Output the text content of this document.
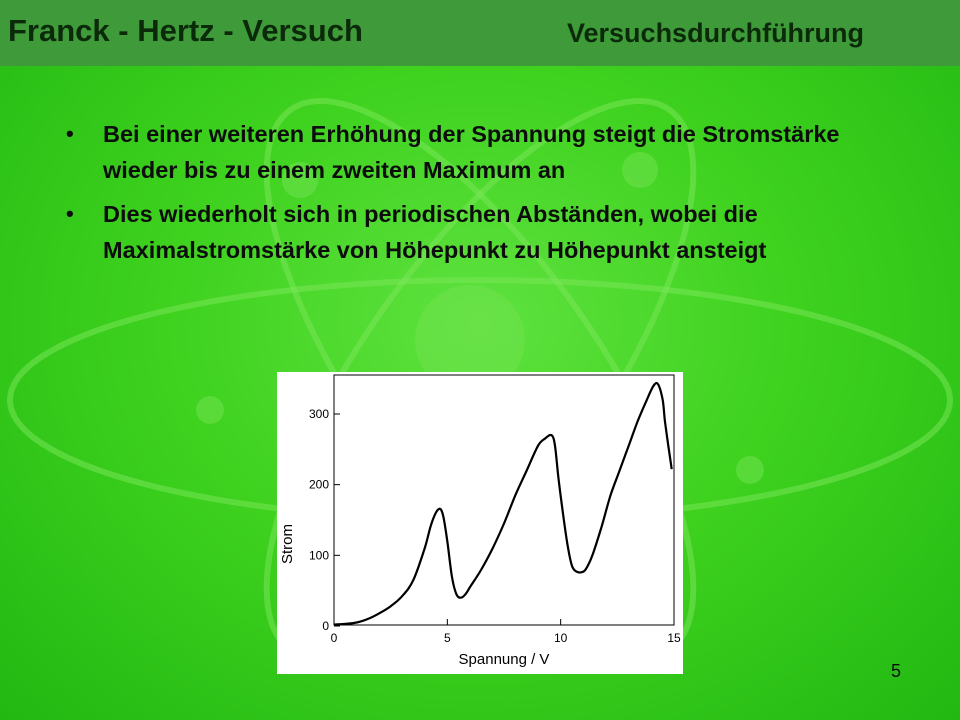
Franck - Hertz - Versuch	Versuchsdurchführung
• Bei einer weiteren Erhöhung der Spannung steigt die Stromstärke wieder bis zu einem zweiten Maximum an
• Dies wiederholt sich in periodischen Abständen, wobei die Maximalstromstärke von Höhepunkt zu Höhepunkt ansteigt
0
100
200
300
0	5	10	15
Spannung / V
Strom
5
